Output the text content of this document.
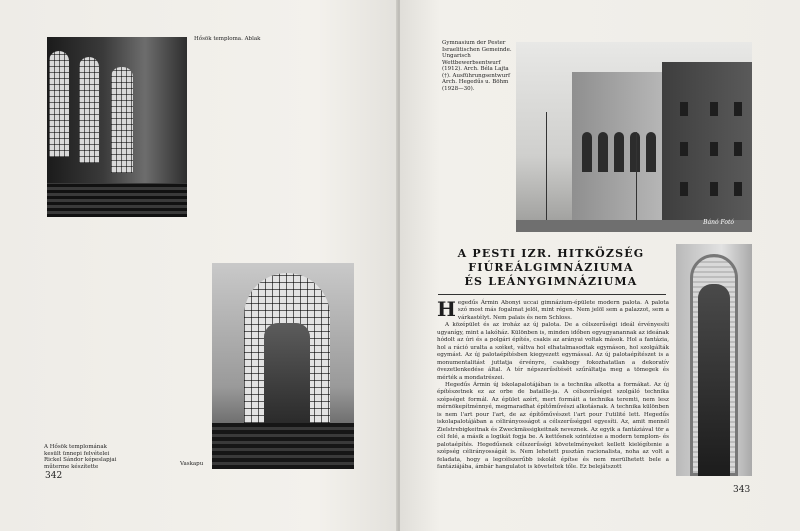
Hősök temploma. Ablak
A Hősök templomának kesült ünnepi felvételei Rickel Sándor képeslapjai műterme készítette	Vaskapu
342
Gymnasium der Pester Israelitischen Gemeinde. Ungarisch Wettbewerbsentwurf (1912). Arch. Béla Lajta (†). Ausführungsentwurf Arch. Hegedűs u. Böhm (1928—30).
343
Bánó Fotó
A PESTI IZR. HITKÖZSÉG
FIÚREÁLGIMNÁZIUMA
ÉS LEÁNYGIMNÁZIUMA

Hegedűs Ármin Abonyi uccai gimnázium-épülete modern palota. A palota szó most más fogalmat jelöl, mint régen. Nem jelöl sem a palazzot, sem a várkastélyt. Nem palais és nem Schloss.

A középület és az iroház az új palota. De a célszerűségi ideál érvényesíti ugyanígy, mint a lakóház. Különben is, minden időben egyugyanannak az ideának hódolt az úri és a polgári építés, csakis az arányai voltak mások. Hol a fantázia, hol a ráció uralta a széket, váltva hol elhatalmasodtak egymáson, hol szolgálták egymást. Az új palotaépítésben kiegyezett egymással. Az új palotaépítészet is a monumentalitást juttatja érvényre, csakhogy fokozhatatlan a dekoratív övezetlenkedése által. A tér népszerűsítését szűráltatja meg a tömegek és mérték a mondatrészei.

Hegedűs Ármin új iskolapalotájában is a technika alkotta a formákat. Az új építészetnek ez az orbe de bataille-ja. A célszerűséget szolgáló technika szépséget formál. Az épület azért, mert formáit a technika teremti, nem lesz mérnökepítménnyé, megmaradhat építőművészi alkotásnak. A technika különben is nem l'art pour l'art, de az építőművészet l'art pour l'utilité lett. Hegedűs iskolapalotájában a célirányosságot a célszerűséggel egyesíti. Az, amit mennél Zielstrebigkeitnak és Zweckmässigkeitnak neveznek. Az egyik a fantáziával tör a cél felé, a másik a logikát fogja be. A kettősnek szintézise a modern templom- és palotaépítés. Hegedűsnek célszerűségi követelményeket kellett kielégítenie a szépség célirányosságát is. Nem lehetett pusztán racionalista, noha az volt a feladata, hogy a legcélszerűbb iskolát építse és nem merülhetett bele a fantáziájába, ámbár hangulatot is követeltek tőle. Ez belejátszott
